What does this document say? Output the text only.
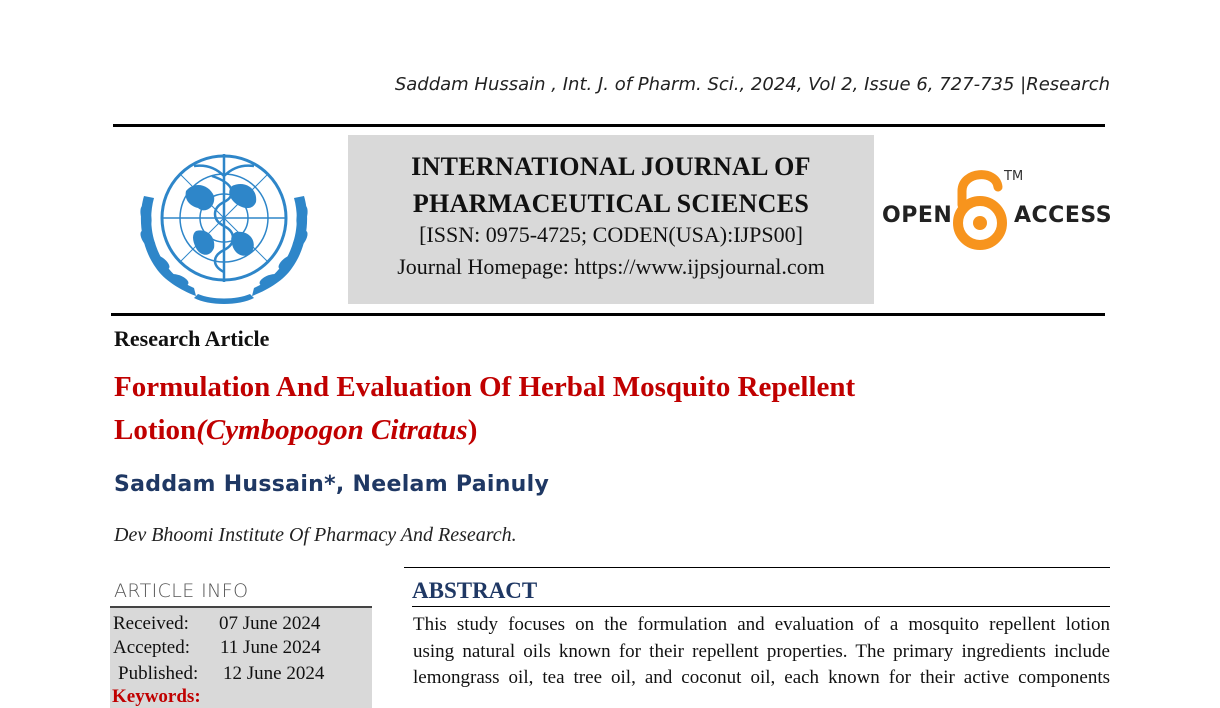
Saddam Hussain , Int. J. of Pharm. Sci., 2024, Vol 2, Issue 6, 727-735 |Research
INTERNATIONAL JOURNAL OF
PHARMACEUTICAL SCIENCES
[ISSN: 0975-4725; CODEN(USA):IJPS00]
Journal Homepage: https://www.ijpsjournal.com
OPEN
TM
ACCESS
Research Article
Formulation And Evaluation Of Herbal Mosquito Repellent Lotion(Cymbopogon Citratus)
Saddam Hussain*, Neelam Painuly
Dev Bhoomi Institute Of Pharmacy And Research.
ARTICLE INFO
Received: 07 June 2024
Accepted: 11 June 2024
Published: 12 June 2024
Keywords:
ABSTRACT
This study focuses on the formulation and evaluation of a mosquito repellent lotion
using natural oils known for their repellent properties. The primary ingredients include
lemongrass oil, tea tree oil, and coconut oil, each known for their active components
